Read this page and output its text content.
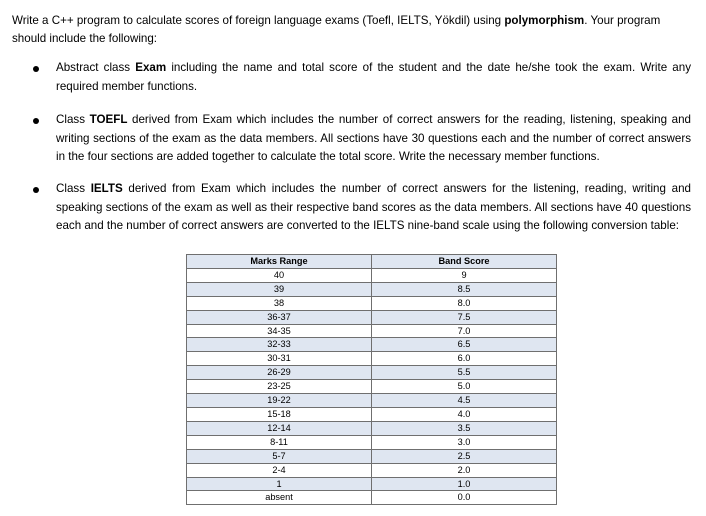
Write a C++ program to calculate scores of foreign language exams (Toefl, IELTS, Yökdil) using polymorphism. Your program should include the following:
Abstract class Exam including the name and total score of the student and the date he/she took the exam. Write any required member functions.
Class TOEFL derived from Exam which includes the number of correct answers for the reading, listening, speaking and writing sections of the exam as the data members. All sections have 30 questions each and the number of correct answers in the four sections are added together to calculate the total score. Write the necessary member functions.
Class IELTS derived from Exam which includes the number of correct answers for the listening, reading, writing and speaking sections of the exam as well as their respective band scores as the data members. All sections have 40 questions each and the number of correct answers are converted to the IELTS nine-band scale using the following conversion table:
Marks Range	Band Score
40	9
39	8.5
38	8.0
36-37	7.5
34-35	7.0
32-33	6.5
30-31	6.0
26-29	5.5
23-25	5.0
19-22	4.5
15-18	4.0
12-14	3.5
8-11	3.0
5-7	2.5
2-4	2.0
1	1.0
absent	0.0
